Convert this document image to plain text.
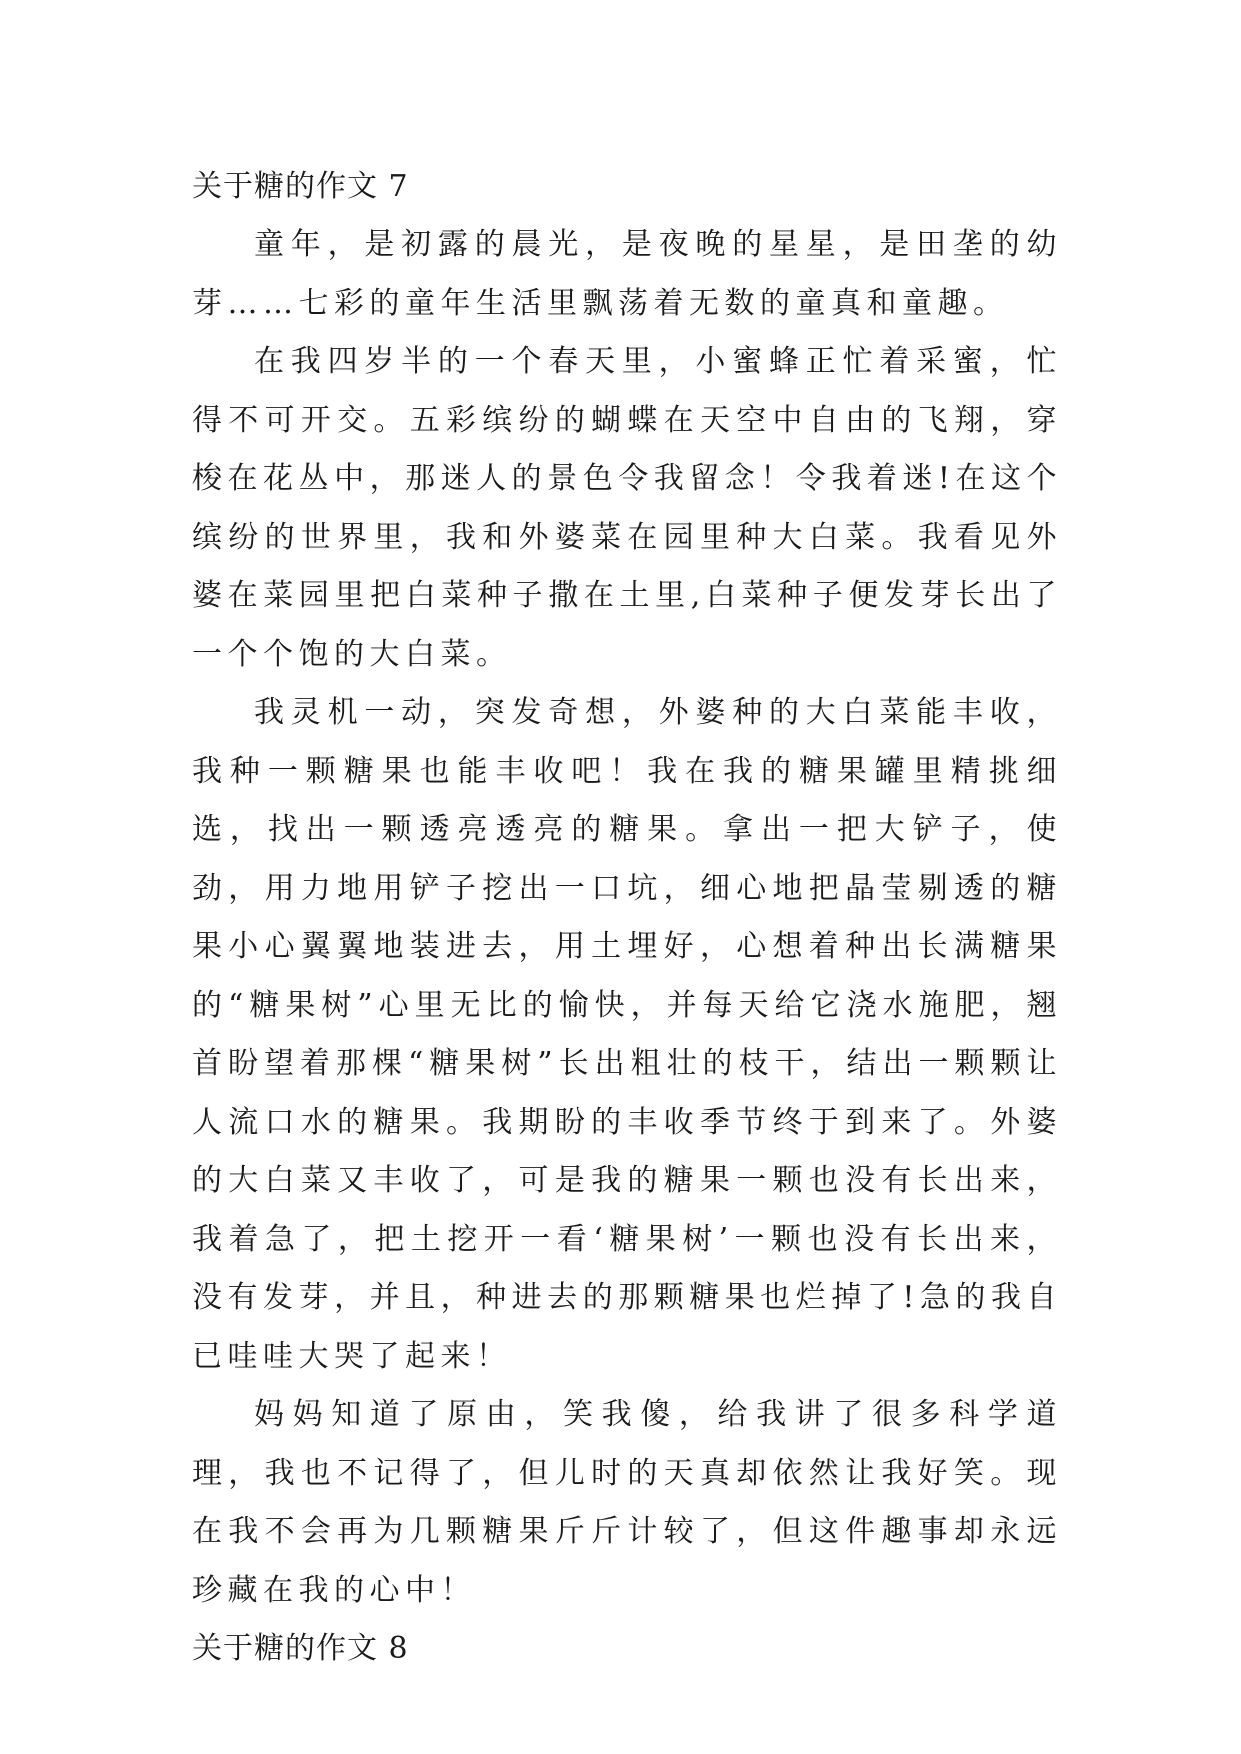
关于糖的作文 7

童年，是初露的晨光，是夜晚的星星，是田垄的幼芽……七彩的童年生活里飘荡着无数的童真和童趣。

在我四岁半的一个春天里，小蜜蜂正忙着采蜜，忙得不可开交。五彩缤纷的蝴蝶在天空中自由的飞翔，穿梭在花丛中，那迷人的景色令我留念！令我着迷!在这个缤纷的世界里，我和外婆菜在园里种大白菜。我看见外婆在菜园里把白菜种子撒在土里,白菜种子便发芽长出了一个个饱的大白菜。

我灵机一动，突发奇想，外婆种的大白菜能丰收，我种一颗糖果也能丰收吧！我在我的糖果罐里精挑细选，找出一颗透亮透亮的糖果。拿出一把大铲子，使劲，用力地用铲子挖出一口坑，细心地把晶莹剔透的糖果小心翼翼地装进去，用土埋好，心想着种出长满糖果的“糖果树”心里无比的愉快，并每天给它浇水施肥，翘首盼望着那棵“糖果树”长出粗壮的枝干，结出一颗颗让人流口水的糖果。我期盼的丰收季节终于到来了。外婆的大白菜又丰收了，可是我的糖果一颗也没有长出来，我着急了，把土挖开一看‘糖果树’一颗也没有长出来，没有发芽，并且，种进去的那颗糖果也烂掉了!急的我自已哇哇大哭了起来！

妈妈知道了原由，笑我傻，给我讲了很多科学道理，我也不记得了，但儿时的天真却依然让我好笑。现在我不会再为几颗糖果斤斤计较了，但这件趣事却永远珍藏在我的心中！

关于糖的作文 8
